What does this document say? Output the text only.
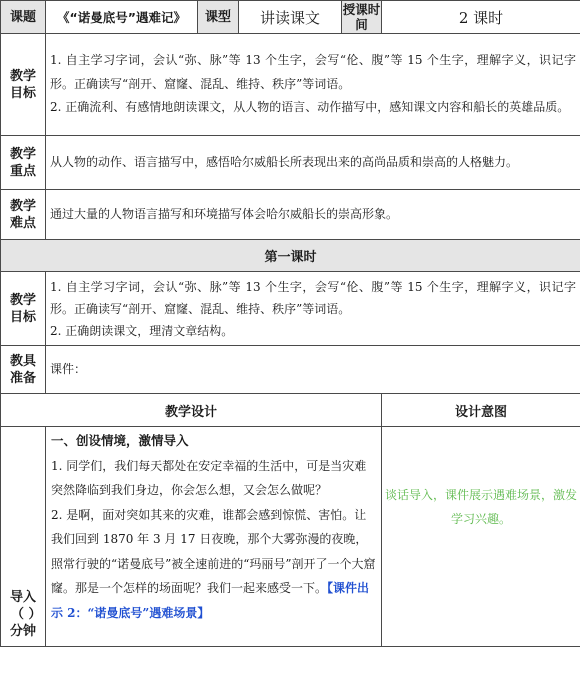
课题	《“诺曼底号”遇难记》	课型	讲读课文	授课时间	2 课时
教学目标	1. 自主学习字词，会认“弥、脉”等 13 个生字，会写“伦、腹”等 15 个生字，理解字义，识记字形。正确读写“剖开、窟窿、混乱、维持、秩序”等词语。
2. 正确流利、有感情地朗读课文，从人物的语言、动作描写中，感知课文内容和船长的英雄品质。				

教学重点	从人物的动作、语言描写中，感悟哈尔威船长所表现出来的高尚品质和崇高的人格魅力。				
教学难点	通过大量的人物语言描写和环境描写体会哈尔威船长的崇高形象。				
第一课时					
教学目标	1. 自主学习字词，会认“弥、脉”等 13 个生字，会写“伦、腹”等 15 个生字，理解字义，识记字形。正确读写“剖开、窟窿、混乱、维持、秩序”等词语。
2. 正确朗读课文，理清文章结构。				

教具准备	课件：				
教学设计					设计意图
导入（ ）分钟	一、创设情境，激情导入
1. 同学们，我们每天都处在安定幸福的生活中，可是当灾难突然降临到我们身边，你会怎么想，又会怎么做呢？
2. 是啊，面对突如其来的灾难，谁都会感到惊慌、害怕。让我们回到 1870 年 3 月 17 日夜晚，那个大雾弥漫的夜晚，照常行驶的“诺曼底号”被全速前进的“玛丽号”剖开了一个大窟窿。那是一个怎样的场面呢？我们一起来感受一下。【课件出示 2：“诺曼底号”遇难场景】				谈话导入，课件展示遇难场景，激发学习兴趣。
